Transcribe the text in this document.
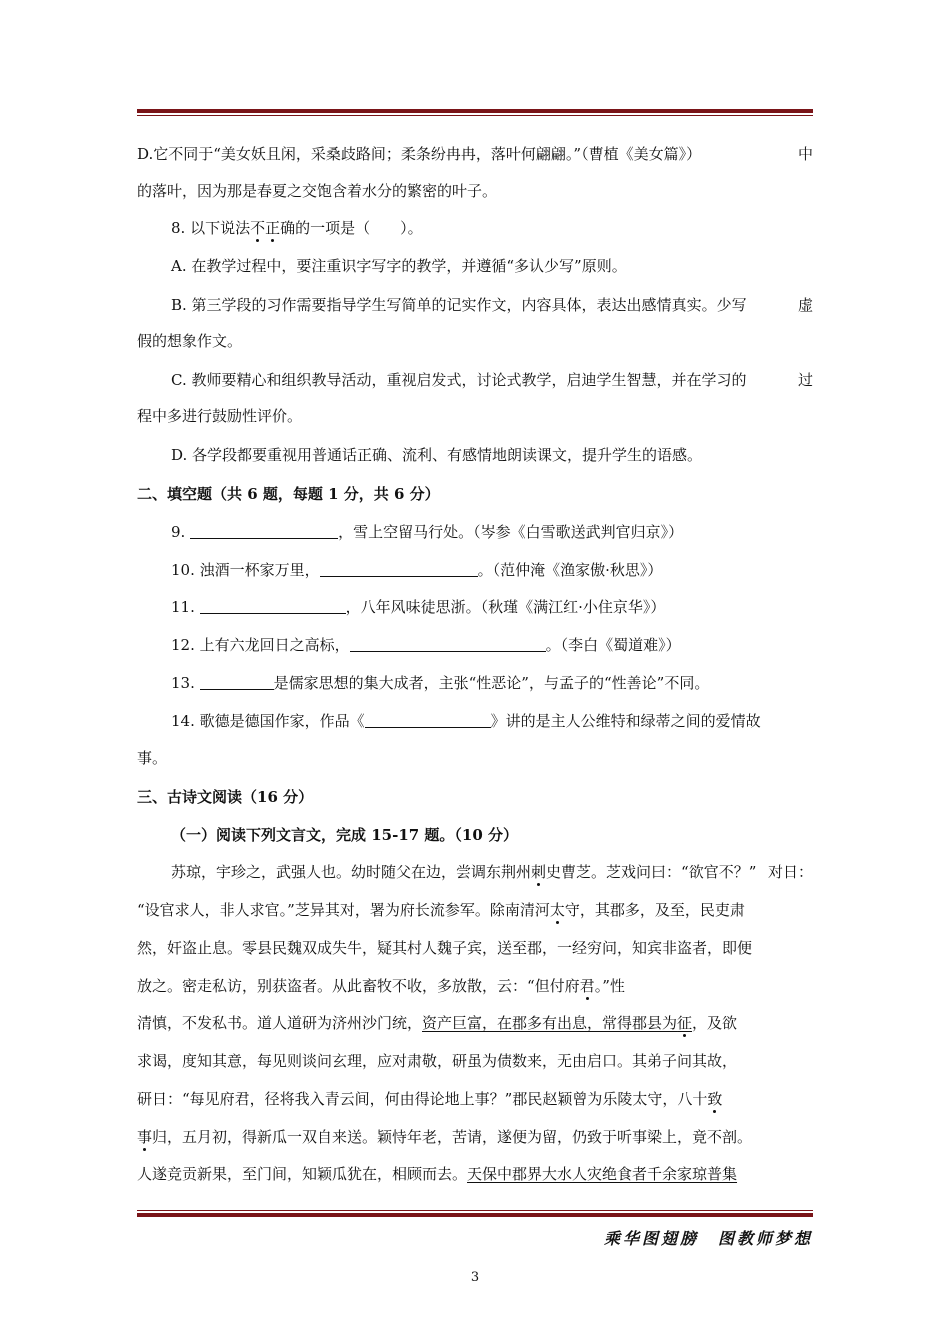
D.它不同于“美女妖且闲，采桑歧路间；柔条纷冉冉，落叶何翩翩。”（曹植《美女篇》）	中
的落叶，因为那是春夏之交饱含着水分的繁密的叶子。
8. 以下说法不正确的一项是（　　）。
A. 在教学过程中，要注重识字写字的教学，并遵循“多认少写”原则。
B. 第三学段的习作需要指导学生写简单的记实作文，内容具体，表达出感情真实。少写	虚
假的想象作文。
C. 教师要精心和组织教导活动，重视启发式，讨论式教学，启迪学生智慧，并在学习的	过
程中多进行鼓励性评价。
D. 各学段都要重视用普通话正确、流利、有感情地朗读课文，提升学生的语感。
二、填空题（共 6 题，每题 1 分，共 6 分）
9.	，雪上空留马行处。（岑参《白雪歌送武判官归京》）
10. 浊酒一杯家万里，	。（范仲淹《渔家傲·秋思》）
11.	，八年风味徒思浙。（秋瑾《满江红·小住京华》）
12. 上有六龙回日之高标，	。（李白《蜀道难》）
13.	是儒家思想的集大成者，主张“性恶论”，与孟子的“性善论”不同。
14. 歌德是德国作家，作品《	》讲的是主人公维特和绿蒂之间的爱情故
事。
三、古诗文阅读（16 分）
（一）阅读下列文言文，完成 15-17 题。（10 分）
苏琼，宇珍之，武强人也。幼时随父在边，尝调东荆州刺史曹芝。芝戏问曰：“欲官不？” 对日：
“设官求人，非人求官。”芝异其对，署为府长流参军。除南清河太守，其郡多，及至，民吏肃
然，奸盗止息。零县民魏双成失牛，疑其村人魏子宾，送至郡，一经穷问，知宾非盗者，即便
放之。密走私访，别获盗者。从此畜牧不收，多放散，云：“但付府君。”性
清慎，不发私书。道人道研为济州沙门统，资产巨富，在郡多有出息，常得郡县为征，及欲
求谒，度知其意，每见则谈问玄理，应对肃敬，研虽为债数来，无由启口。其弟子问其故，
研日：“每见府君，径将我入青云间，何由得论地上事？”郡民赵颖曾为乐陵太守，八十致
事归，五月初，得新瓜一双自来送。颖恃年老，苦请，遂便为留，仍致于听事梁上，竟不剖。
人遂竞贡新果，至门间，知颖瓜犹在，相顾而去。天保中郡界大水人灾绝食者千余家琼普集
乘华图翅膀　图教师梦想
3
